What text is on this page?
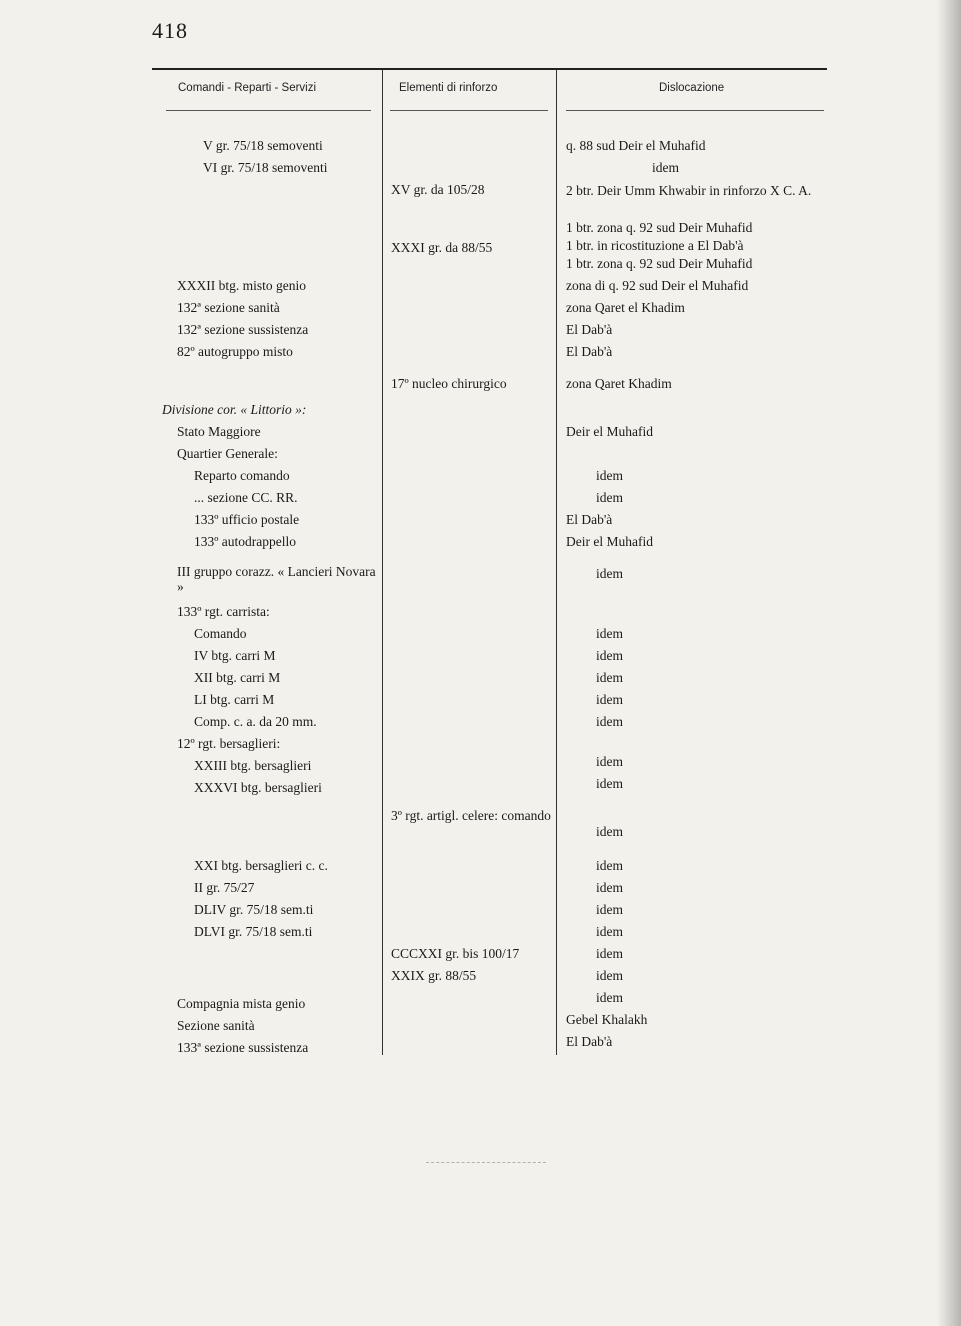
418
Comandi - Reparti - Servizi	Elementi di rinforzo	Dislocazione
V gr. 75/18 semoventi
VI gr. 75/18 semoventi
XXXII btg. misto genio
132ª sezione sanità
132ª sezione sussistenza
82º autogruppo misto
Divisione cor. « Littorio »:
Stato Maggiore
Quartier Generale:
Reparto comando
... sezione CC. RR.
133º ufficio postale
133º autodrappello
III gruppo corazz. « Lancieri Novara »
133º rgt. carrista:
Comando
IV btg. carri M
XII btg. carri M
LI btg. carri M
Comp. c. a. da 20 mm.
12º rgt. bersaglieri:
XXIII btg. bersaglieri
XXXVI btg. bersaglieri
XXI btg. bersaglieri c. c.
II gr. 75/27
DLIV gr. 75/18 sem.ti
DLVI gr. 75/18 sem.ti
Compagnia mista genio
Sezione sanità
133ª sezione sussistenza
XV gr. da 105/28
XXXI gr. da 88/55
17º nucleo chirurgico
3º rgt. artigl. celere: comando
CCCXXI gr. bis 100/17
XXIX gr. 88/55
q. 88 sud Deir el Muhafid
idem
2 btr. Deir Umm Khwabir in rinforzo X C. A.
1 btr. zona q. 92 sud Deir Muhafid
1 btr. in ricostituzione a El Dab'à
1 btr. zona q. 92 sud Deir Muhafid
zona di q. 92 sud Deir el Muhafid
zona Qaret el Khadim
El Dab'à
El Dab'à
zona Qaret Khadim
Deir el Muhafid
idem
idem
El Dab'à
Deir el Muhafid
idem
idem
idem
idem
idem
idem
idem
idem
idem
idem
idem
idem
idem
idem
idem
idem
Gebel Khalakh
El Dab'à
